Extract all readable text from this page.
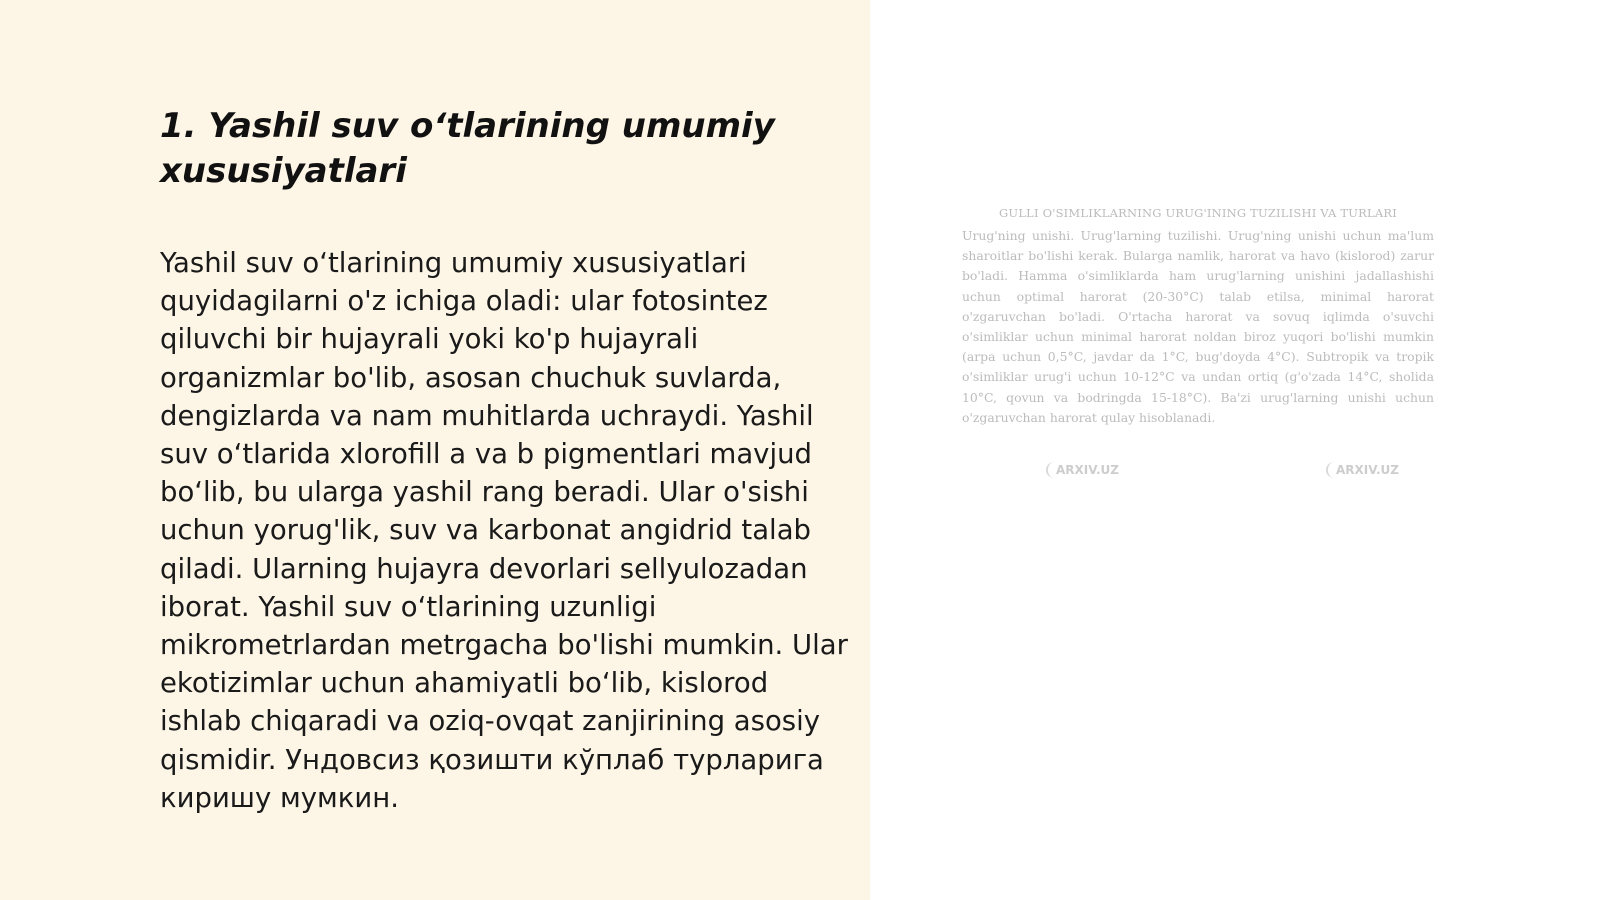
1. Yashil suv o‘tlarining umumiy xususiyatlari

Yashil suv o‘tlarining umumiy xususiyatlari quyidagilarni o'z ichiga oladi: ular fotosintez qiluvchi bir hujayrali yoki ko'p hujayrali organizmlar bo'lib, asosan chuchuk suvlarda, dengizlarda va nam muhitlarda uchraydi. Yashil suv o‘tlarida xlorofill a va b pigmentlari mavjud bo‘lib, bu ularga yashil rang beradi. Ular o'sishi uchun yorug'lik, suv va karbonat angidrid talab qiladi. Ularning hujayra devorlari sellyulozadan iborat. Yashil suv o‘tlarining uzunligi mikrometrlardan metrgacha bo'lishi mumkin. Ular ekotizimlar uchun ahamiyatli bo‘lib, kislorod ishlab chiqaradi va oziq-ovqat zanjirining asosiy qismidir. Ундовсиз қозишти кўплаб турларига киришу мумкин.

GULLI O'SIMLIKLARNING URUG'INING TUZILISHI VA TURLARI

Urug'ning unishi. Urug'larning tuzilishi. Urug'ning unishi uchun ma'lum sharoitlar bo'lishi kerak. Bularga namlik, harorat va havo (kislorod) zarur bo'ladi. Hamma o'simliklarda ham urug'larning unishini jadallashishi uchun optimal harorat (20-30°C) talab etilsa, minimal harorat o'zgaruvchan bo'ladi. O'rtacha harorat va sovuq iqlimda o'suvchi o'simliklar uchun minimal harorat noldan biroz yuqori bo'lishi mumkin (arpa uchun 0,5°C, javdar da 1°C, bug'doyda 4°C). Subtropik va tropik o'simliklar urug'i uchun 10-12°C va undan ortiq (g'o'zada 14°C, sholida 10°C, qovun va bodringda 15-18°C). Ba'zi urug'larning unishi uchun o'zgaruvchan harorat qulay hisoblanadi.

ARXIV.UZ	ARXIV.UZ
